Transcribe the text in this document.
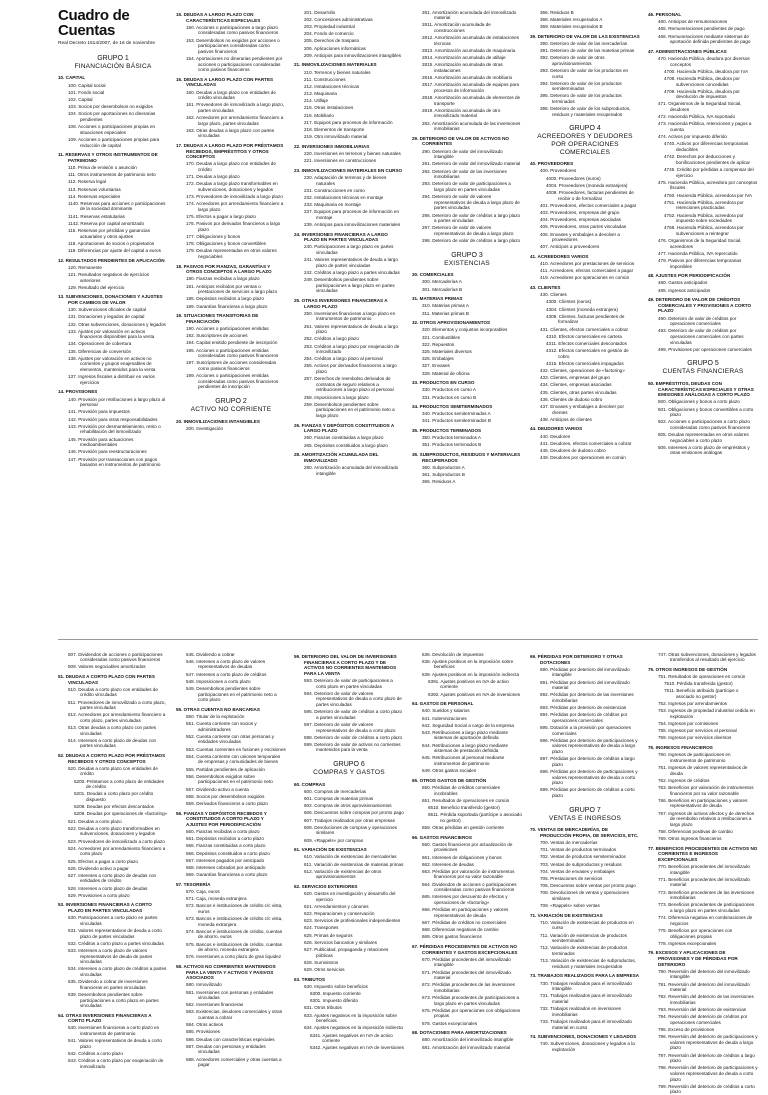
Cuadro de Cuentas
Real Decreto 1514/2007, de 16 de noviembre
GRUPO 1
FINANCIACIÓN BÁSICA
10. CAPITAL
100. Capital social
101. Fondo social
102. Capital
103. Socios por desembolsos no exigidos
104. Socios por aportaciones no dinerarias pendientes
108. Acciones o participaciones propias en situaciones especiales
109. Acciones o participaciones propias para reducción de capital
11. RESERVAS Y OTROS INSTRUMENTOS DE PATRIMONIO
110. Prima de emisión o asunción
111. Otros instrumentos de patrimonio neto
112. Reserva legal
113. Reservas voluntarias
114. Reservas especiales
1140. Reservas para acciones o participaciones de la sociedad dominante
1141. Reservas estatutarias
1142. Reserva por capital amortizado
115. Reservas por pérdidas y ganancias actuariales y otros ajustes
118. Aportaciones de socios o propietarios
119. Diferencias por ajuste del capital a euros
12. RESULTADOS PENDIENTES DE APLICACIÓN
120. Remanente
121. Resultados negativos de ejercicios anteriores
129. Resultado del ejercicio
13. SUBVENCIONES, DONACIONES Y AJUSTES POR CAMBIOS DE VALOR
130. Subvenciones oficiales de capital
131. Donaciones y legados de capital
132. Otras subvenciones, donaciones y legados
133. Ajustes por valoración en activos financieros disponibles para la venta
134. Operaciones de cobertura
135. Diferencias de conversión
136. Ajustes por valoración en activos no corrientes y grupos enajenables de elementos, mantenidos para la venta
137. Ingresos fiscales a distribuir en varios ejercicios
14. PROVISIONES
140. Provisión por retribuciones a largo plazo al personal
141. Provisión para impuestos
142. Provisión para otras responsabilidades
143. Provisión por desmantelamiento, retiro o rehabilitación del inmovilizado
145. Provisión para actuaciones medioambientales
146. Provisión para reestructuraciones
147. Provisión por transacciones con pagos basados en instrumentos de patrimonio
15. DEUDAS A LARGO PLAZO CON CARACTERÍSTICAS ESPECIALES
150. Acciones o participaciones a largo plazo consideradas como pasivos financieros
153. Desembolsos no exigidos por acciones o participaciones consideradas como pasivos financieros
154. Aportaciones no dinerarias pendientes por acciones o participaciones consideradas como pasivos financieros
16. DEUDAS A LARGO PLAZO CON PARTES VINCULADAS
160. Deudas a largo plazo con entidades de crédito vinculadas
161. Proveedores de inmovilizado a largo plazo, partes vinculadas
162. Acreedores por arrendamiento financiero a largo plazo, partes vinculadas
163. Otras deudas a largo plazo con partes vinculadas
17. DEUDAS A LARGO PLAZO POR PRÉSTAMOS RECIBIDOS, EMPRÉSTITOS Y OTROS CONCEPTOS
170. Deudas a largo plazo con entidades de crédito
171. Deudas a largo plazo
172. Deudas a largo plazo transformables en subvenciones, donaciones y legados
173. Proveedores de inmovilizado a largo plazo
174. Acreedores por arrendamiento financiero a largo plazo
175. Efectos a pagar a largo plazo
176. Pasivos por derivados financieros a largo plazo
177. Obligaciones y bonos
178. Obligaciones y bonos convertibles
179. Deudas representadas en otros valores negociables
18. PASIVOS POR FIANZAS, GARANTÍAS Y OTROS CONCEPTOS A LARGO PLAZO
180. Fianzas recibidas a largo plazo
181. Anticipos recibidos por ventas o prestaciones de servicios a largo plazo
185. Depósitos recibidos a largo plazo
189. Garantías financieras a largo plazo
19. SITUACIONES TRANSITORIAS DE FINANCIACIÓN
190. Acciones o participaciones emitidas
192. Suscriptores de acciones
194. Capital emitido pendiente de inscripción
195. Acciones o participaciones emitidas consideradas como pasivos financieros
197. Suscriptores de acciones consideradas como pasivos financieros
199. Acciones o participaciones emitidas consideradas como pasivos financieros pendientes de inscripción
GRUPO 2
ACTIVO NO CORRIENTE
20. INMOVILIZACIONES INTANGIBLES
200. Investigación
201. Desarrollo
202. Concesiones administrativas
203. Propiedad industrial
204. Fondo de comercio
205. Derechos de traspaso
206. Aplicaciones informáticas
209. Anticipos para inmovilizaciones intangibles
21. INMOVILIZACIONES MATERIALES
210. Terrenos y bienes naturales
211. Construcciones
212. Instalaciones técnicas
213. Maquinaria
214. Utillaje
215. Otras instalaciones
216. Mobiliario
217. Equipos para procesos de información
218. Elementos de transporte
219. Otro inmovilizado material
22. INVERSIONES INMOBILIARIAS
220. Inversiones en terrenos y bienes naturales
221. Inversiones en construcciones
23. INMOVILIZACIONES MATERIALES EN CURSO
230. Adaptación de terrenos y de bienes naturales
231. Construcciones en curso
232. Instalaciones técnicas en montaje
233. Maquinaria en montaje
237. Equipos para procesos de información en montaje
239. Anticipos para inmovilizaciones materiales
24. INVERSIONES FINANCIERAS A LARGO PLAZO EN PARTES VINCULADAS
240. Participaciones a largo plazo en partes vinculadas
241. Valores representativos de deuda a largo plazo de partes vinculadas
242. Créditos a largo plazo a partes vinculadas
249. Desembolsos pendientes sobre participaciones a largo plazo en partes vinculadas
25. OTRAS INVERSIONES FINANCIERAS A LARGO PLAZO
250. Inversiones financieras a largo plazo en instrumentos de patrimonio
251. Valores representativos de deuda a largo plazo
252. Créditos a largo plazo
253. Créditos a largo plazo por enajenación de inmovilizado
254. Créditos a largo plazo al personal
255. Activos por derivados financieros a largo plazo
257. Derechos de reembolso derivados de contratos de seguro relativos a retribuciones a largo plazo al personal
258. Imposiciones a largo plazo
259. Desembolsos pendientes sobre participaciones en el patrimonio neto a largo plazo
26. FIANZAS Y DEPÓSITOS CONSTITUIDOS A LARGO PLAZO
260. Fianzas constituidas a largo plazo
265. Depósitos constituidos a largo plazo
28. AMORTIZACIÓN ACUMULADA DEL INMOVILIZADO
280. Amortización acumulada del inmovilizado intangible
281. Amortización acumulada del inmovilizado material
2811. Amortización acumulada de construcciones
2812. Amortización acumulada de instalaciones técnicas
2813. Amortización acumulada de maquinaria
2814. Amortización acumulada de utillaje
2815. Amortización acumulada de otras instalaciones
2816. Amortización acumulada de mobiliario
2817. Amortización acumulada de equipos para procesos de información
2818. Amortización acumulada de elementos de transporte
2819. Amortización acumulada de otro inmovilizado material
282. Amortización acumulada de las inversiones inmobiliarias
29. DETERIORO DE VALOR DE ACTIVOS NO CORRIENTES
290. Deterioro de valor del inmovilizado intangible
291. Deterioro de valor del inmovilizado material
292. Deterioro de valor de las inversiones inmobiliarias
293. Deterioro de valor de participaciones a largo plazo en partes vinculadas
294. Deterioro de valor de valores representativos de deuda a largo plazo de partes vinculadas
295. Deterioro de valor de créditos a largo plazo a partes vinculadas
297. Deterioro de valor de valores representativos de deuda a largo plazo
298. Deterioro de valor de créditos a largo plazo
GRUPO 3
EXISTENCIAS
30. COMERCIALES
300. Mercaderías A
301. Mercaderías B
31. MATERIAS PRIMAS
310. Materias primas A
311. Materias primas B
32. OTROS APROVISIONAMIENTOS
320. Elementos y conjuntos incorporables
321. Combustibles
322. Repuestos
325. Materiales diversos
326. Embalajes
327. Envases
328. Material de oficina
33. PRODUCTOS EN CURSO
330. Productos en curso A
331. Productos en curso B
34. PRODUCTOS SEMITERMINADOS
340. Productos semiterminados A
341. Productos semiterminados B
35. PRODUCTOS TERMINADOS
350. Productos terminados A
351. Productos terminados B
36. SUBPRODUCTOS, RESIDUOS Y MATERIALES RECUPERADOS
360. Subproductos A
361. Subproductos B
365. Residuos A
366. Residuos B
368. Materiales recuperados A
369. Materiales recuperados B
39. DETERIORO DE VALOR DE LAS EXISTENCIAS
390. Deterioro de valor de las mercaderías
391. Deterioro de valor de las materias primas
392. Deterioro de valor de otros aprovisionamientos
393. Deterioro de valor de los productos en curso
394. Deterioro de valor de los productos semiterminados
395. Deterioro de valor de los productos terminados
396. Deterioro de valor de los subproductos, residuos y materiales recuperados
GRUPO 4
ACREEDORES Y DEUDORES POR OPERACIONES COMERCIALES
40. PROVEEDORES
400. Proveedores
4000. Proveedores (euros)
4004. Proveedores (moneda extranjera)
4009. Proveedores, facturas pendientes de recibir o de formalizar
401. Proveedores, efectos comerciales a pagar
403. Proveedores, empresas del grupo
404. Proveedores, empresas asociadas
405. Proveedores, otras partes vinculadas
406. Envases y embalajes a devolver a proveedores
407. Anticipos a proveedores
41. ACREEDORES VARIOS
410. Acreedores por prestaciones de servicios
411. Acreedores, efectos comerciales a pagar
419. Acreedores por operaciones en común
43. CLIENTES
430. Clientes
4300. Clientes (euros)
4304. Clientes (moneda extranjera)
4309. Clientes, facturas pendientes de formalizar
431. Clientes, efectos comerciales a cobrar
4310. Efectos comerciales en cartera
4311. Efectos comerciales descontados
4312. Efectos comerciales en gestión de cobro
4315. Efectos comerciales impagados
432. Clientes, operaciones de «factoring»
433. Clientes, empresas del grupo
434. Clientes, empresas asociadas
435. Clientes, otras partes vinculadas
436. Clientes de dudoso cobro
437. Envases y embalajes a devolver por clientes
438. Anticipos de clientes
44. DEUDORES VARIOS
440. Deudores
441. Deudores, efectos comerciales a cobrar
446. Deudores de dudoso cobro
449. Deudores por operaciones en común
46. PERSONAL
460. Anticipos de remuneraciones
465. Remuneraciones pendientes de pago
466. Remuneraciones mediante sistemas de aportación definida pendientes de pago
47. ADMINISTRACIONES PÚBLICAS
470. Hacienda Pública, deudora por diversos conceptos
4700. Hacienda Pública, deudora por IVA
4708. Hacienda Pública, deudora por subvenciones concedidas
4709. Hacienda Pública, deudora por devolución de impuestos
471. Organismos de la Seguridad Social, deudores
472. Hacienda Pública, IVA soportado
473. Hacienda Pública, retenciones y pagos a cuenta
474. Activos por impuesto diferido
4740. Activos por diferencias temporarias deducibles
4742. Derechos por deducciones y bonificaciones pendientes de aplicar
4745. Crédito por pérdidas a compensar del ejercicio
475. Hacienda Pública, acreedora por conceptos fiscales
4750. Hacienda Pública, acreedora por IVA
4751. Hacienda Pública, acreedora por retenciones practicadas
4752. Hacienda Pública, acreedora por impuesto sobre sociedades
4758. Hacienda Pública, acreedora por subvenciones a reintegrar
476. Organismos de la Seguridad Social, acreedores
477. Hacienda Pública, IVA repercutido
479. Pasivos por diferencias temporarias imponibles
48. AJUSTES POR PERIODIFICACIÓN
480. Gastos anticipados
485. Ingresos anticipados
49. DETERIORO DE VALOR DE CRÉDITOS COMERCIALES Y PROVISIONES A CORTO PLAZO
490. Deterioro de valor de créditos por operaciones comerciales
493. Deterioro de valor de créditos por operaciones comerciales con partes vinculadas
499. Provisiones por operaciones comerciales
GRUPO 5
CUENTAS FINANCIERAS
50. EMPRÉSTITOS, DEUDAS CON CARACTERÍSTICAS ESPECIALES Y OTRAS EMISIONES ANÁLOGAS A CORTO PLAZO
500. Obligaciones y bonos a corto plazo
501. Obligaciones y bonos convertibles a corto plazo
502. Acciones o participaciones a corto plazo consideradas como pasivos financieros
505. Deudas representadas en otros valores negociables a corto plazo
506. Intereses a corto plazo de empréstitos y otras emisiones análogas
507. Dividendos de acciones o participaciones consideradas como pasivos financieros
509. Valores negociables amortizados
51. DEUDAS A CORTO PLAZO CON PARTES VINCULADAS
510. Deudas a corto plazo con entidades de crédito vinculadas
511. Proveedores de inmovilizado a corto plazo, partes vinculadas
512. Acreedores por arrendamiento financiero a corto plazo, partes vinculadas
513. Otras deudas a corto plazo con partes vinculadas
514. Intereses a corto plazo de deudas con partes vinculadas
52. DEUDAS A CORTO PLAZO POR PRÉSTAMOS RECIBIDOS Y OTROS CONCEPTOS
520. Deudas a corto plazo con entidades de crédito
5200. Préstamos a corto plazo de entidades de crédito
5201. Deudas a corto plazo por crédito dispuesto
5208. Deudas por efectos descontados
5209. Deudas por operaciones de «factoring»
521. Deudas a corto plazo
522. Deudas a corto plazo transformables en subvenciones, donaciones y legados
523. Proveedores de inmovilizado a corto plazo
524. Acreedores por arrendamiento financiero a corto plazo
525. Efectos a pagar a corto plazo
526. Dividendo activo a pagar
527. Intereses a corto plazo de deudas con entidades de crédito
528. Intereses a corto plazo de deudas
529. Provisiones a corto plazo
53. INVERSIONES FINANCIERAS A CORTO PLAZO EN PARTES VINCULADAS
530. Participaciones a corto plazo en partes vinculadas
531. Valores representativos de deuda a corto plazo de partes vinculadas
532. Créditos a corto plazo a partes vinculadas
533. Intereses a corto plazo de valores representativos de deuda de partes vinculadas
534. Intereses a corto plazo de créditos a partes vinculadas
535. Dividendo a cobrar de inversiones financieras en partes vinculadas
539. Desembolsos pendientes sobre participaciones a corto plazo en partes vinculadas
54. OTRAS INVERSIONES FINANCIERAS A CORTO PLAZO
540. Inversiones financieras a corto plazo en instrumentos de patrimonio
541. Valores representativos de deuda a corto plazo
542. Créditos a corto plazo
543. Créditos a corto plazo por enajenación de inmovilizado
545. Dividendo a cobrar
546. Intereses a corto plazo de valores representativos de deudas
547. Intereses a corto plazo de créditos
548. Imposiciones a corto plazo
549. Desembolsos pendientes sobre participaciones en el patrimonio neto a corto plazo
55. OTRAS CUENTAS NO BANCARIAS
550. Titular de la explotación
551. Cuenta corriente con socios y administradores
552. Cuenta corriente con otras personas y entidades vinculadas
553. Cuentas corrientes en fusiones y escisiones
554. Cuenta corriente con uniones temporales de empresas y comunidades de bienes
555. Partidas pendientes de aplicación
556. Desembolsos exigidos sobre participaciones en el patrimonio neto
557. Dividendo activo a cuenta
558. Socios por desembolsos exigidos
559. Derivados financieros a corto plazo
56. FIANZAS Y DEPÓSITOS RECIBIDOS Y CONSTITUIDOS A CORTO PLAZO Y AJUSTES POR PERIODIFICACIÓN
560. Fianzas recibidas a corto plazo
561. Depósitos recibidos a corto plazo
565. Fianzas constituidas a corto plazo
566. Depósitos constituidos a corto plazo
567. Intereses pagados por anticipado
568. Intereses cobrados por anticipado
569. Garantías financieras a corto plazo
57. TESORERÍA
570. Caja, euros
571. Caja, moneda extranjera
572. Bancos e instituciones de crédito c/c vista, euros
573. Bancos e instituciones de crédito c/c vista, moneda extranjera
574. Bancos e instituciones de crédito, cuentas de ahorro, euros
575. Bancos e instituciones de crédito, cuentas de ahorro, moneda extranjera
576. Inversiones a corto plazo de gran liquidez
58. ACTIVOS NO CORRIENTES MANTENIDOS PARA LA VENTA Y ACTIVOS Y PASIVOS ASOCIADOS
580. Inmovilizado
581. Inversiones con personas y entidades vinculadas
582. Inversiones financieras
583. Existencias, deudores comerciales y otras cuentas a cobrar
584. Otros activos
585. Provisiones
586. Deudas con características especiales
587. Deudas con personas y entidades vinculadas
588. Acreedores comerciales y otras cuentas a pagar
59. DETERIORO DEL VALOR DE INVERSIONES FINANCIERAS A CORTO PLAZO Y DE ACTIVOS NO CORRIENTES MANTENIDOS PARA LA VENTA
593. Deterioro de valor de participaciones a corto plazo en partes vinculadas
594. Deterioro de valor de valores representativos de deuda a corto plazo de partes vinculadas
595. Deterioro de valor de créditos a corto plazo a partes vinculadas
597. Deterioro de valor de valores representativos de deuda a corto plazo
598. Deterioro de valor de créditos a corto plazo
599. Deterioro de valor de activos no corrientes mantenidos para la venta
GRUPO 6
COMPRAS Y GASTOS
60. COMPRAS
600. Compras de mercaderías
601. Compras de materias primas
602. Compras de otros aprovisionamientos
606. Descuentos sobre compras por pronto pago
607. Trabajos realizados por otras empresas
608. Devoluciones de compras y operaciones similares
609. «Rappels» por compras
61. VARIACIÓN DE EXISTENCIAS
610. Variación de existencias de mercaderías
611. Variación de existencias de materias primas
612. Variación de existencias de otros aprovisionamientos
62. SERVICIOS EXTERIORES
620. Gastos en investigación y desarrollo del ejercicio
621. Arrendamientos y cánones
622. Reparaciones y conservación
623. Servicios de profesionales independientes
624. Transportes
625. Primas de seguros
626. Servicios bancarios y similares
627. Publicidad, propaganda y relaciones públicas
628. Suministros
629. Otros servicios
63. TRIBUTOS
630. Impuesto sobre beneficios
6300. Impuesto corriente
6301. Impuesto diferido
631. Otros tributos
633. Ajustes negativos en la imposición sobre beneficios
634. Ajustes negativos en la imposición indirecta
6341. Ajustes negativos en IVA de activo corriente
6342. Ajustes negativos en IVA de inversiones
636. Devolución de impuestos
638. Ajustes positivos en la imposición sobre beneficios
639. Ajustes positivos en la imposición indirecta
6391. Ajustes positivos en IVA de activo corriente
6392. Ajustes positivos en IVA de inversiones
64. GASTOS DE PERSONAL
640. Sueldos y salarios
641. Indemnizaciones
642. Seguridad Social a cargo de la empresa
643. Retribuciones a largo plazo mediante sistemas de aportación definida
644. Retribuciones a largo plazo mediante sistemas de prestación definida
645. Retribuciones al personal mediante instrumentos de patrimonio
649. Otros gastos sociales
65. OTROS GASTOS DE GESTIÓN
650. Pérdidas de créditos comerciales incobrables
651. Resultados de operaciones en común
6510. Beneficio transferido (gestor)
6511. Pérdida soportada (partícipe o asociado no gestor)
659. Otras pérdidas en gestión corriente
66. GASTOS FINANCIEROS
660. Gastos financieros por actualización de provisiones
661. Intereses de obligaciones y bonos
662. Intereses de deudas
663. Pérdidas por valoración de instrumentos financieros por su valor razonable
664. Dividendos de acciones o participaciones consideradas como pasivos financieros
665. Intereses por descuento de efectos y operaciones de «factoring»
666. Pérdidas en participaciones y valores representativos de deuda
667. Pérdidas de créditos no comerciales
668. Diferencias negativas de cambio
669. Otros gastos financieros
67. PÉRDIDAS PROCEDENTES DE ACTIVOS NO CORRIENTES Y GASTOS EXCEPCIONALES
670. Pérdidas procedentes del inmovilizado intangible
671. Pérdidas procedentes del inmovilizado material
672. Pérdidas procedentes de las inversiones inmobiliarias
673. Pérdidas procedentes de participaciones a largo plazo en partes vinculadas
675. Pérdidas por operaciones con obligaciones propias
678. Gastos excepcionales
68. DOTACIONES PARA AMORTIZACIONES
680. Amortización del inmovilizado intangible
681. Amortización del inmovilizado material
69. PÉRDIDAS POR DETERIORO Y OTRAS DOTACIONES
690. Pérdidas por deterioro del inmovilizado intangible
691. Pérdidas por deterioro del inmovilizado material
692. Pérdidas por deterioro de las inversiones inmobiliarias
693. Pérdidas por deterioro de existencias
694. Pérdidas por deterioro de créditos por operaciones comerciales
695. Dotación a la provisión por operaciones comerciales
696. Pérdidas por deterioro de participaciones y valores representativos de deuda a largo plazo
697. Pérdidas por deterioro de créditos a largo plazo
698. Pérdidas por deterioro de participaciones y valores representativos de deuda a corto plazo
699. Pérdidas por deterioro de créditos a corto plazo
GRUPO 7
VENTAS E INGRESOS
70. VENTAS DE MERCADERÍAS, DE PRODUCCIÓN PROPIA, DE SERVICIOS, ETC.
700. Ventas de mercaderías
701. Ventas de productos terminados
702. Ventas de productos semiterminados
703. Ventas de subproductos y residuos
704. Ventas de envases y embalajes
705. Prestaciones de servicios
706. Descuentos sobre ventas por pronto pago
708. Devoluciones de ventas y operaciones similares
709. «Rappels» sobre ventas
71. VARIACIÓN DE EXISTENCIAS
710. Variación de existencias de productos en curso
711. Variación de existencias de productos semiterminados
712. Variación de existencias de productos terminados
713. Variación de existencias de subproductos, residuos y materiales recuperados
73. TRABAJOS REALIZADOS PARA LA EMPRESA
730. Trabajos realizados para el inmovilizado intangible
731. Trabajos realizados para el inmovilizado material
732. Trabajos realizados en inversiones inmobiliarias
733. Trabajos realizados para el inmovilizado material en curso
74. SUBVENCIONES, DONACIONES Y LEGADOS
740. Subvenciones, donaciones y legados a la explotación
747. Otras subvenciones, donaciones y legados transferidos al resultado del ejercicio
75. OTROS INGRESOS DE GESTIÓN
751. Resultados de operaciones en común
7510. Pérdida transferida (gestor)
7511. Beneficio atribuido (partícipe o asociado no gestor)
752. Ingresos por arrendamientos
753. Ingresos de propiedad industrial cedida en explotación
754. Ingresos por comisiones
755. Ingresos por servicios al personal
759. Ingresos por servicios diversos
76. INGRESOS FINANCIEROS
760. Ingresos de participaciones en instrumentos de patrimonio
761. Ingresos de valores representativos de deuda
762. Ingresos de créditos
763. Beneficios por valoración de instrumentos financieros por su valor razonable
766. Beneficios en participaciones y valores representativos de deuda
767. Ingresos de activos afectos y de derechos de reembolso relativos a retribuciones a largo plazo
768. Diferencias positivas de cambio
769. Otros ingresos financieros
77. BENEFICIOS PROCEDENTES DE ACTIVOS NO CORRIENTES E INGRESOS EXCEPCIONALES
770. Beneficios procedentes del inmovilizado intangible
771. Beneficios procedentes del inmovilizado material
772. Beneficios procedentes de las inversiones inmobiliarias
773. Beneficios procedentes de participaciones a largo plazo en partes vinculadas
774. Diferencia negativa en combinaciones de negocios
775. Beneficios por operaciones con obligaciones propias
778. Ingresos excepcionales
79. EXCESOS Y APLICACIONES DE PROVISIONES Y DE PÉRDIDAS POR DETERIORO
790. Reversión del deterioro del inmovilizado intangible
791. Reversión del deterioro del inmovilizado material
792. Reversión del deterioro de las inversiones inmobiliarias
793. Reversión del deterioro de existencias
794. Reversión del deterioro de créditos por operaciones comerciales
795. Exceso de provisiones
796. Reversión del deterioro de participaciones y valores representativos de deuda a largo plazo
797. Reversión del deterioro de créditos a largo plazo
798. Reversión del deterioro de participaciones y valores representativos de deuda a corto plazo
799. Reversión del deterioro de créditos a corto plazo
